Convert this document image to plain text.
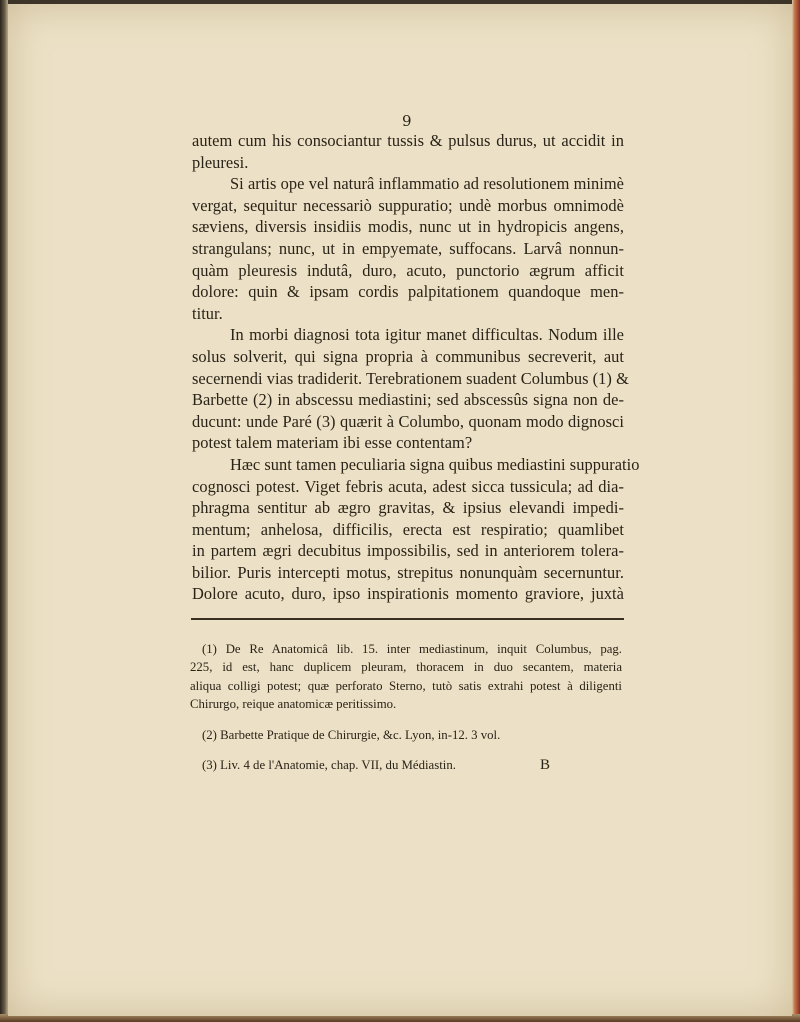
9

autem cum his consociantur tussis & pulsus durus, ut accidit in
pleuresi.

Si artis ope vel naturâ inflammatio ad resolutionem minimè
vergat, sequitur necessariò suppuratio; undè morbus omnimodè
sæviens, diversis insidiis modis, nunc ut in hydropicis angens,
strangulans; nunc, ut in empyemate, suffocans. Larvâ nonnun-
quàm pleuresis indutâ, duro, acuto, punctorio ægrum afficit
dolore: quin & ipsam cordis palpitationem quandoque men-
titur.

In morbi diagnosi tota igitur manet difficultas. Nodum ille
solus solverit, qui signa propria à communibus secreverit, aut
secernendi vias tradiderit. Terebrationem suadent Columbus (1) &
Barbette (2) in abscessu mediastini; sed abscessûs signa non de-
ducunt: unde Paré (3) quærit à Columbo, quonam modo dignosci
potest talem materiam ibi esse contentam?

Hæc sunt tamen peculiaria signa quibus mediastini suppuratio
cognosci potest. Viget febris acuta, adest sicca tussicula; ad dia-
phragma sentitur ab ægro gravitas, & ipsius elevandi impedi-
mentum; anhelosa, difficilis, erecta est respiratio; quamlibet
in partem ægri decubitus impossibilis, sed in anteriorem tolera-
bilior. Puris intercepti motus, strepitus nonunquàm secernuntur.
Dolore acuto, duro, ipso inspirationis momento graviore, juxtà

(1) De Re Anatomicâ lib. 15. inter mediastinum, inquit Columbus, pag.
225, id est, hanc duplicem pleuram, thoracem in duo secantem, materia
aliqua colligi potest; quæ perforato Sterno, tutò satis extrahi potest à diligenti
Chirurgo, reique anatomicæ peritissimo.
(2) Barbette Pratique de Chirurgie, &c. Lyon, in-12. 3 vol.
(3) Liv. 4 de l'Anatomie, chap. VII, du Médiastin.	B
